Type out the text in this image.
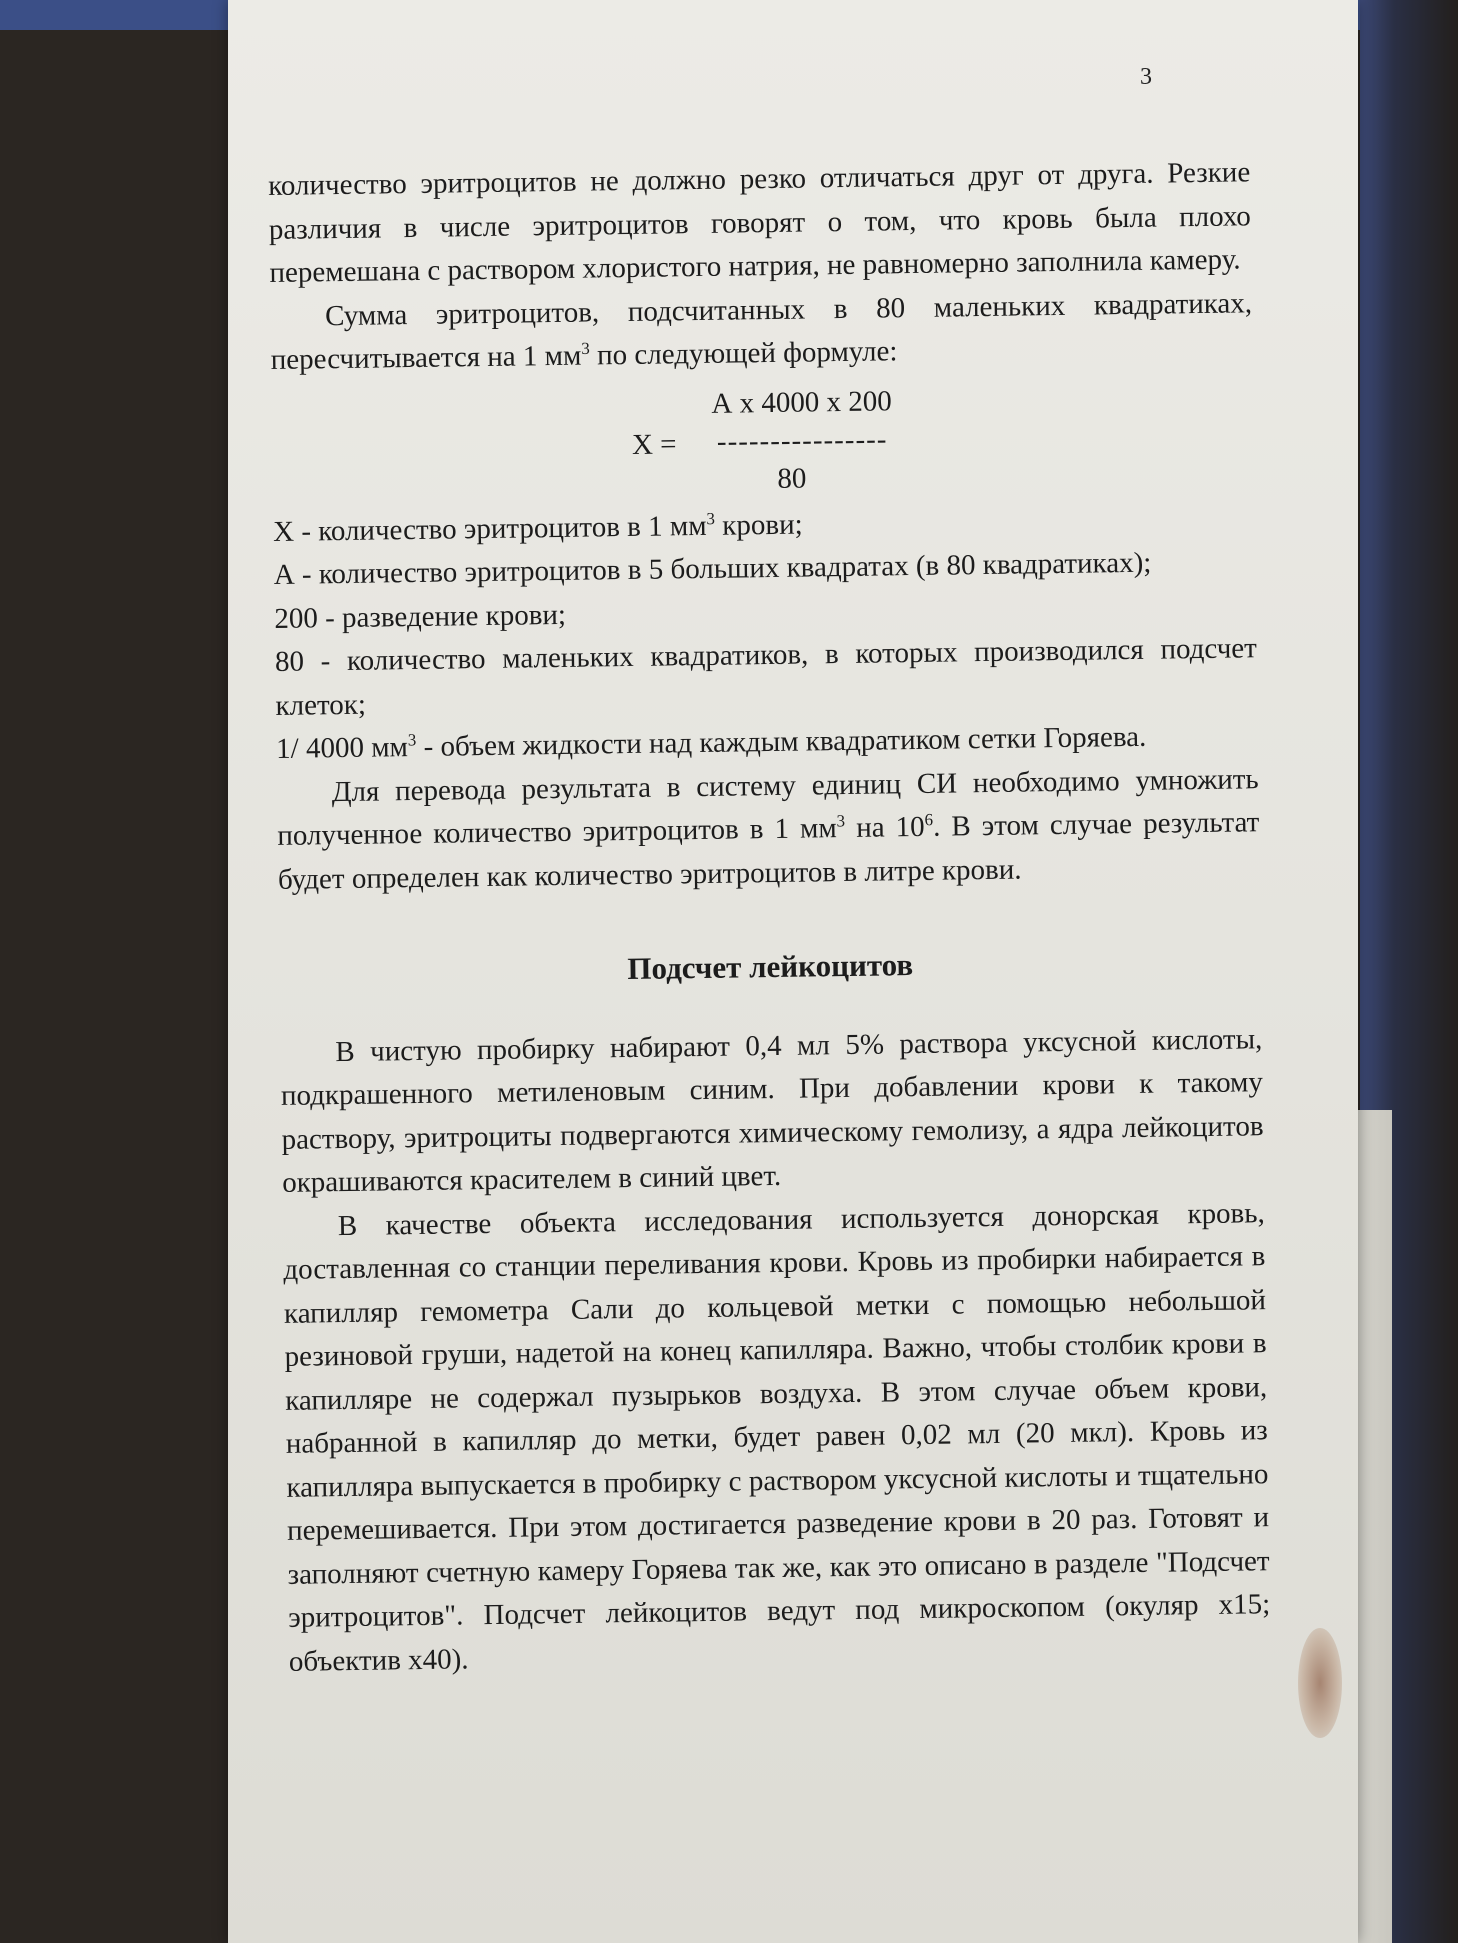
3

количество эритроцитов не должно резко отличаться друг от друга. Резкие различия в числе эритроцитов говорят о том, что кровь была плохо перемешана с раствором хлористого натрия, не равномерно заполнила камеру.

Сумма эритроцитов, подсчитанных в 80 маленьких квадратиках, пересчитывается на 1 $мм^3$ по следующей формуле:

А х 4000 х 200
Х = ----------------
80

Х - количество эритроцитов в 1 $мм^3$ крови;

А - количество эритроцитов в 5 больших квадратах (в 80 квадратиках);

200 - разведение крови;

80 - количество маленьких квадратиков, в которых производился подсчет клеток;

1/ 4000 $мм^3$ - объем жидкости над каждым квадратиком сетки Горяева.

Для перевода результата в систему единиц СИ необходимо умножить полученное количество эритроцитов в 1 $мм^3$ на $10^6$. В этом случае результат будет определен как количество эритроцитов в литре крови.

Подсчет лейкоцитов

В чистую пробирку набирают 0,4 мл 5% раствора уксусной кислоты, подкрашенного метиленовым синим. При добавлении крови к такому раствору, эритроциты подвергаются химическому гемолизу, а ядра лейкоцитов окрашиваются красителем в синий цвет.

В качестве объекта исследования используется донорская кровь, доставленная со станции переливания крови. Кровь из пробирки набирается в капилляр гемометра Сали до кольцевой метки с помощью небольшой резиновой груши, надетой на конец капилляра. Важно, чтобы столбик крови в капилляре не содержал пузырьков воздуха. В этом случае объем крови, набранной в капилляр до метки, будет равен 0,02 мл (20 мкл). Кровь из капилляра выпускается в пробирку с раствором уксусной кислоты и тщательно перемешивается. При этом достигается разведение крови в 20 раз. Готовят и заполняют счетную камеру Горяева так же, как это описано в разделе "Подсчет эритроцитов". Подсчет лейкоцитов ведут под микроскопом (окуляр х15; объектив х40).
